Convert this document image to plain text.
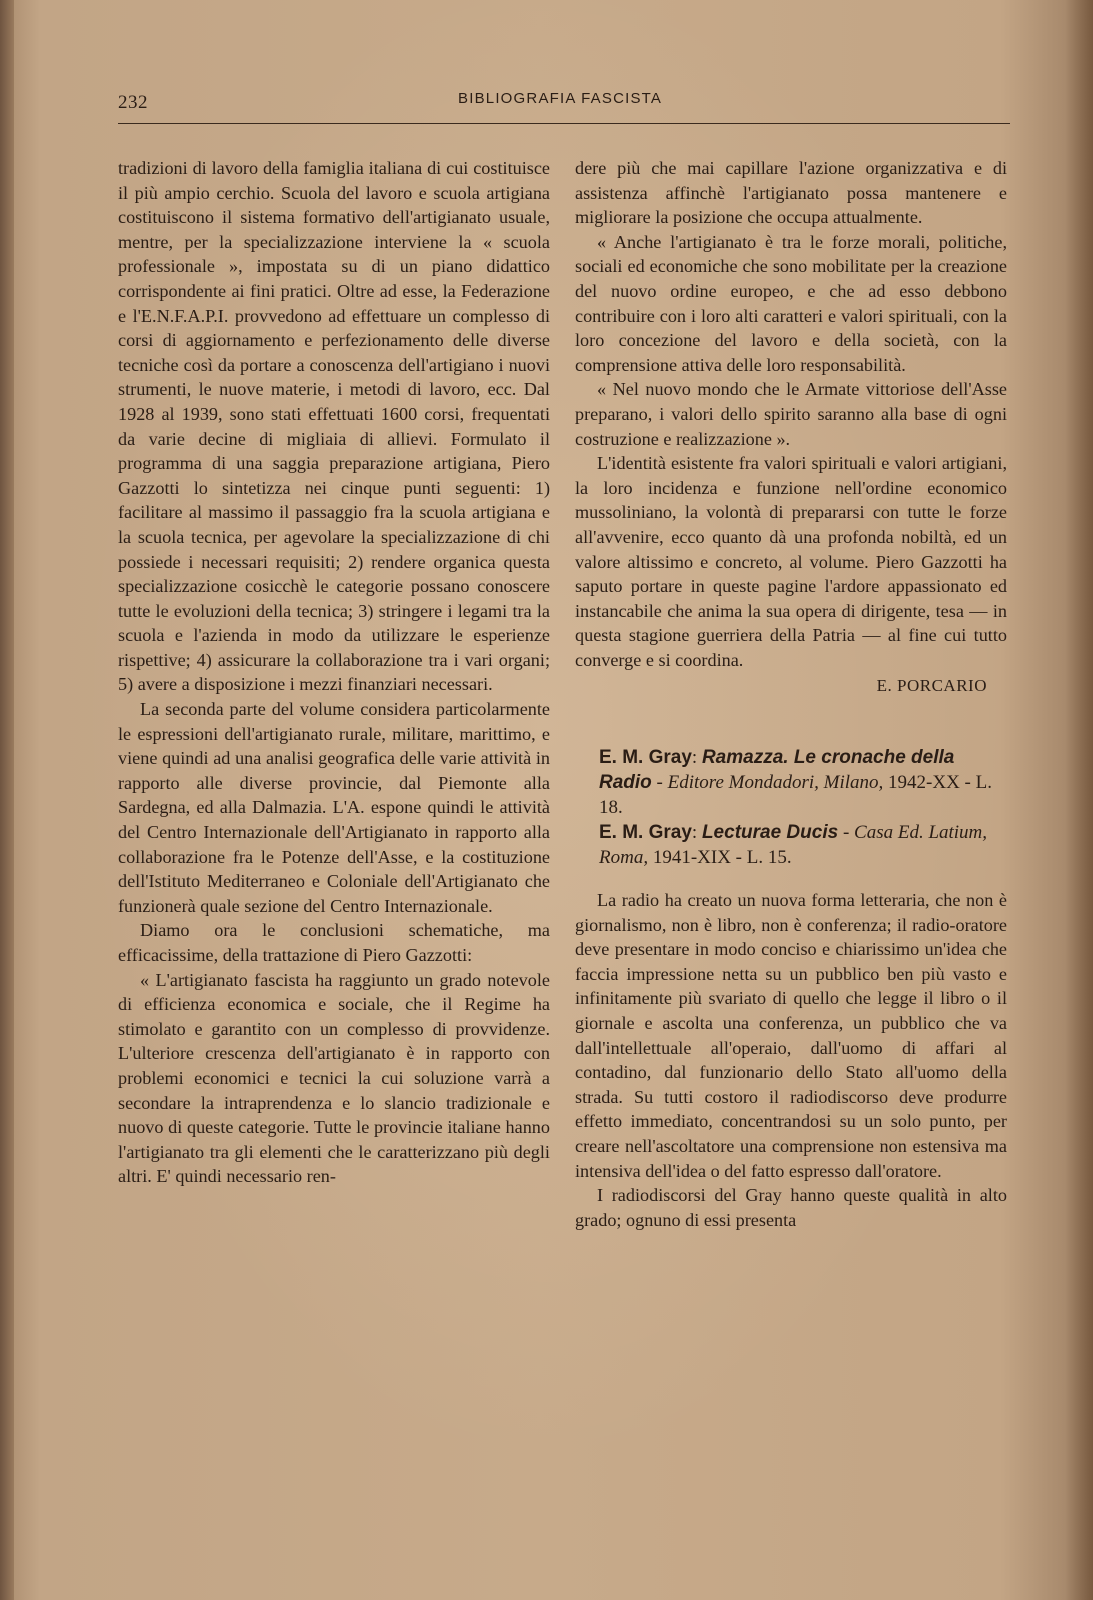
232	BIBLIOGRAFIA FASCISTA

tradizioni di lavoro della famiglia italiana di cui costituisce il più ampio cerchio. Scuola del lavoro e scuola artigiana costituiscono il sistema formativo dell'artigianato usuale, mentre, per la specializzazione interviene la « scuola professionale », impostata su di un piano didattico corrispondente ai fini pratici. Oltre ad esse, la Federazione e l'E.N.F.A.P.I. provvedono ad effettuare un complesso di corsi di aggiornamento e perfezionamento delle diverse tecniche così da portare a conoscenza dell'artigiano i nuovi strumenti, le nuove materie, i metodi di lavoro, ecc. Dal 1928 al 1939, sono stati effettuati 1600 corsi, frequentati da varie decine di migliaia di allievi. Formulato il programma di una saggia preparazione artigiana, Piero Gazzotti lo sintetizza nei cinque punti seguenti: 1) facilitare al massimo il passaggio fra la scuola artigiana e la scuola tecnica, per agevolare la specializzazione di chi possiede i necessari requisiti; 2) rendere organica questa specializzazione cosicchè le categorie possano conoscere tutte le evoluzioni della tecnica; 3) stringere i legami tra la scuola e l'azienda in modo da utilizzare le esperienze rispettive; 4) assicurare la collaborazione tra i vari organi; 5) avere a disposizione i mezzi finanziari necessari.

La seconda parte del volume considera particolarmente le espressioni dell'artigianato rurale, militare, marittimo, e viene quindi ad una analisi geografica delle varie attività in rapporto alle diverse provincie, dal Piemonte alla Sardegna, ed alla Dalmazia. L'A. espone quindi le attività del Centro Internazionale dell'Artigianato in rapporto alla collaborazione fra le Potenze dell'Asse, e la costituzione dell'Istituto Mediterraneo e Coloniale dell'Artigianato che funzionerà quale sezione del Centro Internazionale.

Diamo ora le conclusioni schematiche, ma efficacissime, della trattazione di Piero Gazzotti:

« L'artigianato fascista ha raggiunto un grado notevole di efficienza economica e sociale, che il Regime ha stimolato e garantito con un complesso di provvidenze. L'ulteriore crescenza dell'artigianato è in rapporto con problemi economici e tecnici la cui soluzione varrà a secondare la intraprendenza e lo slancio tradizionale e nuovo di queste categorie. Tutte le provincie italiane hanno l'artigianato tra gli elementi che le caratterizzano più degli altri. E' quindi necessario ren-

dere più che mai capillare l'azione organizzativa e di assistenza affinchè l'artigianato possa mantenere e migliorare la posizione che occupa attualmente.

« Anche l'artigianato è tra le forze morali, politiche, sociali ed economiche che sono mobilitate per la creazione del nuovo ordine europeo, e che ad esso debbono contribuire con i loro alti caratteri e valori spirituali, con la loro concezione del lavoro e della società, con la comprensione attiva delle loro responsabilità.

« Nel nuovo mondo che le Armate vittoriose dell'Asse preparano, i valori dello spirito saranno alla base di ogni costruzione e realizzazione ».

L'identità esistente fra valori spirituali e valori artigiani, la loro incidenza e funzione nell'ordine economico mussoliniano, la volontà di prepararsi con tutte le forze all'avvenire, ecco quanto dà una profonda nobiltà, ed un valore altissimo e concreto, al volume. Piero Gazzotti ha saputo portare in queste pagine l'ardore appassionato ed instancabile che anima la sua opera di dirigente, tesa — in questa stagione guerriera della Patria — al fine cui tutto converge e si coordina.

E. PORCARIO

E. M. Gray: Ramazza. Le cronache della Radio - Editore Mondadori, Milano, 1942-XX - L. 18.

E. M. Gray: Lecturae Ducis - Casa Ed. Latium, Roma, 1941-XIX - L. 15.

La radio ha creato un nuova forma letteraria, che non è giornalismo, non è libro, non è conferenza; il radio-oratore deve presentare in modo conciso e chiarissimo un'idea che faccia impressione netta su un pubblico ben più vasto e infinitamente più svariato di quello che legge il libro o il giornale e ascolta una conferenza, un pubblico che va dall'intellettuale all'operaio, dall'uomo di affari al contadino, dal funzionario dello Stato all'uomo della strada. Su tutti costoro il radiodiscorso deve produrre effetto immediato, concentrandosi su un solo punto, per creare nell'ascoltatore una comprensione non estensiva ma intensiva dell'idea o del fatto espresso dall'oratore.

I radiodiscorsi del Gray hanno queste qualità in alto grado; ognuno di essi presenta
